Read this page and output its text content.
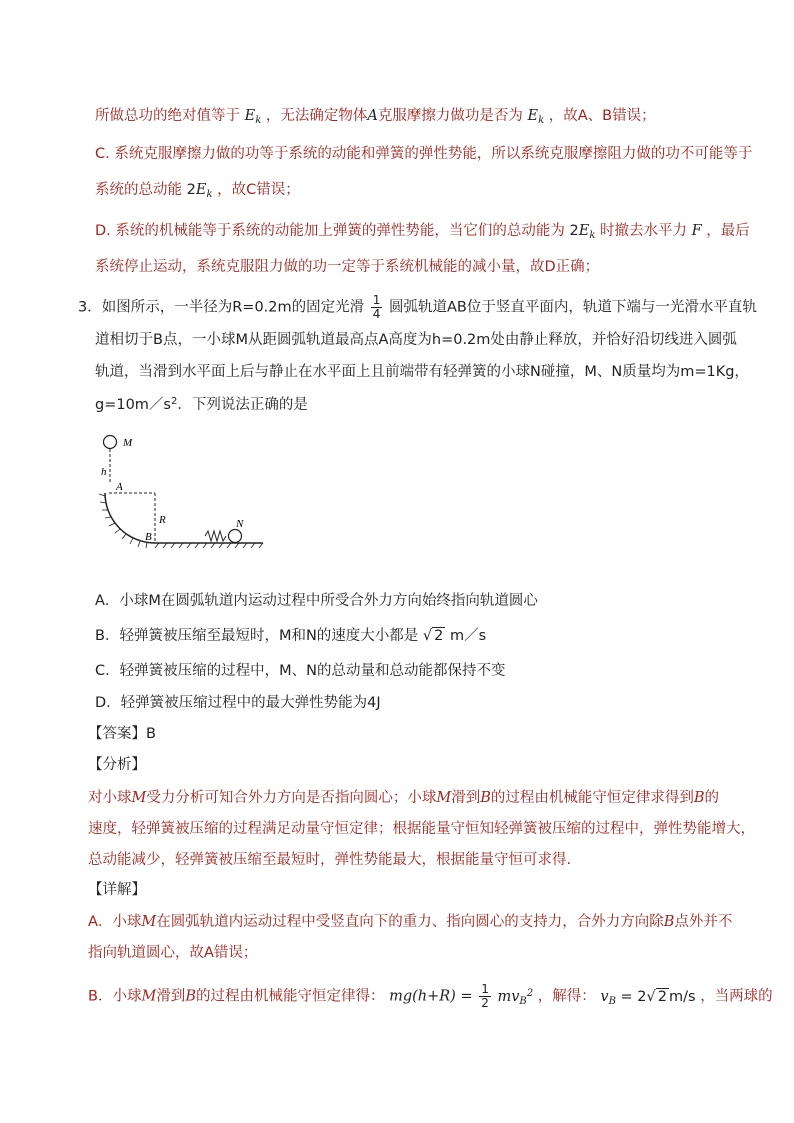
所做总功的绝对值等于 $E_k$ ，无法确定物体A克服摩擦力做功是否为 $E_k$ ，故A、B错误；
C. 系统克服摩擦力做的功等于系统的动能和弹簧的弹性势能，所以系统克服摩擦阻力做的功不可能等于
系统的总动能 $2E_k$ ，故C错误；
D. 系统的机械能等于系统的动能加上弹簧的弹性势能，当它们的总动能为 $2E_k$ 时撤去水平力 F ，最后
系统停止运动，系统克服阻力做的功一定等于系统机械能的减小量，故D正确；
3．如图所示，一半径为R=0.2m的固定光滑 $\frac{1}{4}$ 圆弧轨道AB位于竖直平面内，轨道下端与一光滑水平直轨
道相切于B点，一小球M从距圆弧轨道最高点A高度为h=0.2m处由静止释放，并恰好沿切线进入圆弧
轨道，当滑到水平面上后与静止在水平面上且前端带有轻弹簧的小球N碰撞，M、N质量均为m=1Kg，
$g=10m/s^2$．下列说法正确的是
M
h
A
R
B
N
A．小球M在圆弧轨道内运动过程中所受合外力方向始终指向轨道圆心
B．轻弹簧被压缩至最短时，M和N的速度大小都是 √ 2 m／s
C．轻弹簧被压缩的过程中，M、N的总动量和总动能都保持不变
D．轻弹簧被压缩过程中的最大弹性势能为4J
【答案】B
【分析】
对小球M受力分析可知合外力方向是否指向圆心；小球M滑到B的过程由机械能守恒定律求得到B的
速度，轻弹簧被压缩的过程满足动量守恒定律；根据能量守恒知轻弹簧被压缩的过程中，弹性势能增大，
总动能减少，轻弹簧被压缩至最短时，弹性势能最大，根据能量守恒可求得.
【详解】
A．小球M在圆弧轨道内运动过程中受竖直向下的重力、指向圆心的支持力，合外力方向除B点外并不
指向轨道圆心，故A错误；
B．小球M滑到B的过程由机械能守恒定律得： $mg(h+R) = \frac{1}{2} mv_B^2$ ，解得： $v_B = 2√$ 2 m/s ，当两球的
